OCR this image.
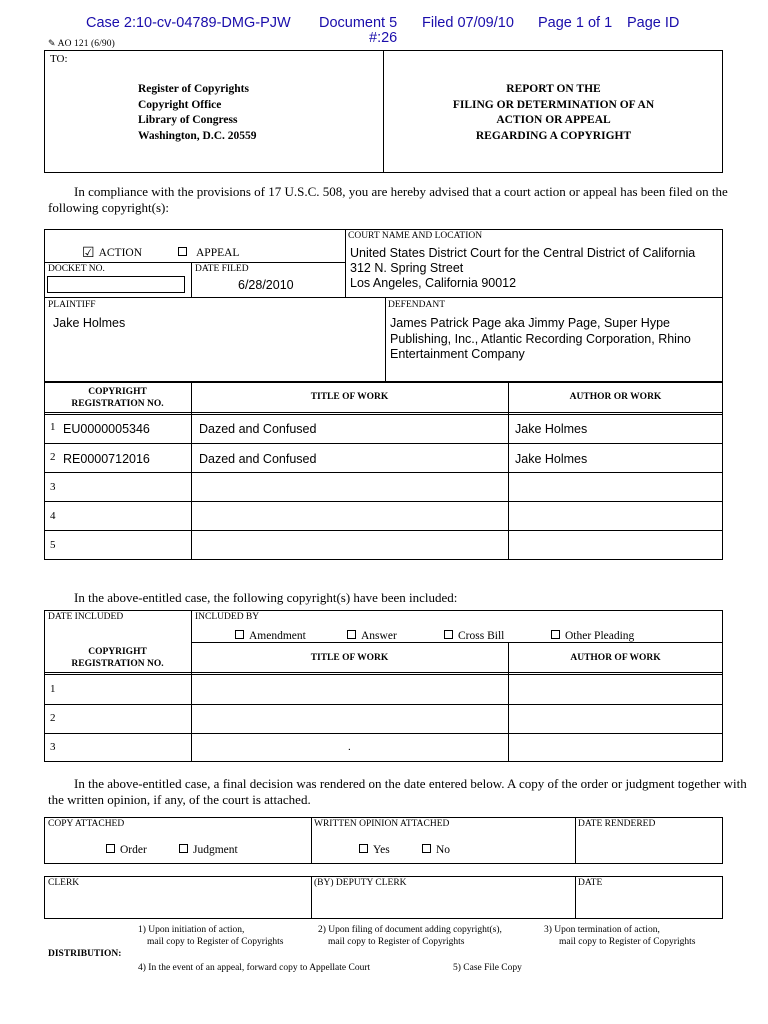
Case 2:10-cv-04789-DMG-PJW Document 5 Filed 07/09/10 Page 1 of 1 Page ID
#:26
✎ AO 121 (6/90)
TO:
Register of Copyrights
Copyright Office
Library of Congress
Washington, D.C. 20559
REPORT ON THE
FILING OR DETERMINATION OF AN
ACTION OR APPEAL
REGARDING A COPYRIGHT
In compliance with the provisions of 17 U.S.C. 508, you are hereby advised that a court action or appeal has been filed on the following copyright(s):
☑ ACTION	APPEAL
COURT NAME AND LOCATION
United States District Court for the Central District of California
312 N. Spring Street
Los Angeles, California 90012
DOCKET NO.	DATE FILED
6/28/2010
PLAINTIFF
Jake Holmes
DEFENDANT
James Patrick Page aka Jimmy Page, Super Hype
Publishing, Inc., Atlantic Recording Corporation, Rhino
Entertainment Company
COPYRIGHT
REGISTRATION NO.
TITLE OF WORK	AUTHOR OR WORK
1 EU0000005346	Dazed and Confused	Jake Holmes
2 RE0000712016	Dazed and Confused	Jake Holmes
3
4
5
In the above-entitled case, the following copyright(s) have been included:
DATE INCLUDED	INCLUDED BY
Amendment	Answer	Cross Bill	Other Pleading
COPYRIGHT
REGISTRATION NO.
TITLE OF WORK	AUTHOR OF WORK
1
2
3	.
In the above-entitled case, a final decision was rendered on the date entered below. A copy of the order or judgment together with the written opinion, if any, of the court is attached.
COPY ATTACHED	WRITTEN OPINION ATTACHED	DATE RENDERED
Order	Judgment	Yes	No
CLERK	(BY) DEPUTY CLERK	DATE
1) Upon initiation of action,
mail copy to Register of Copyrights
2) Upon filing of document adding copyright(s),
mail copy to Register of Copyrights
3) Upon termination of action,
mail copy to Register of Copyrights
DISTRIBUTION:
4) In the event of an appeal, forward copy to Appellate Court	5) Case File Copy
